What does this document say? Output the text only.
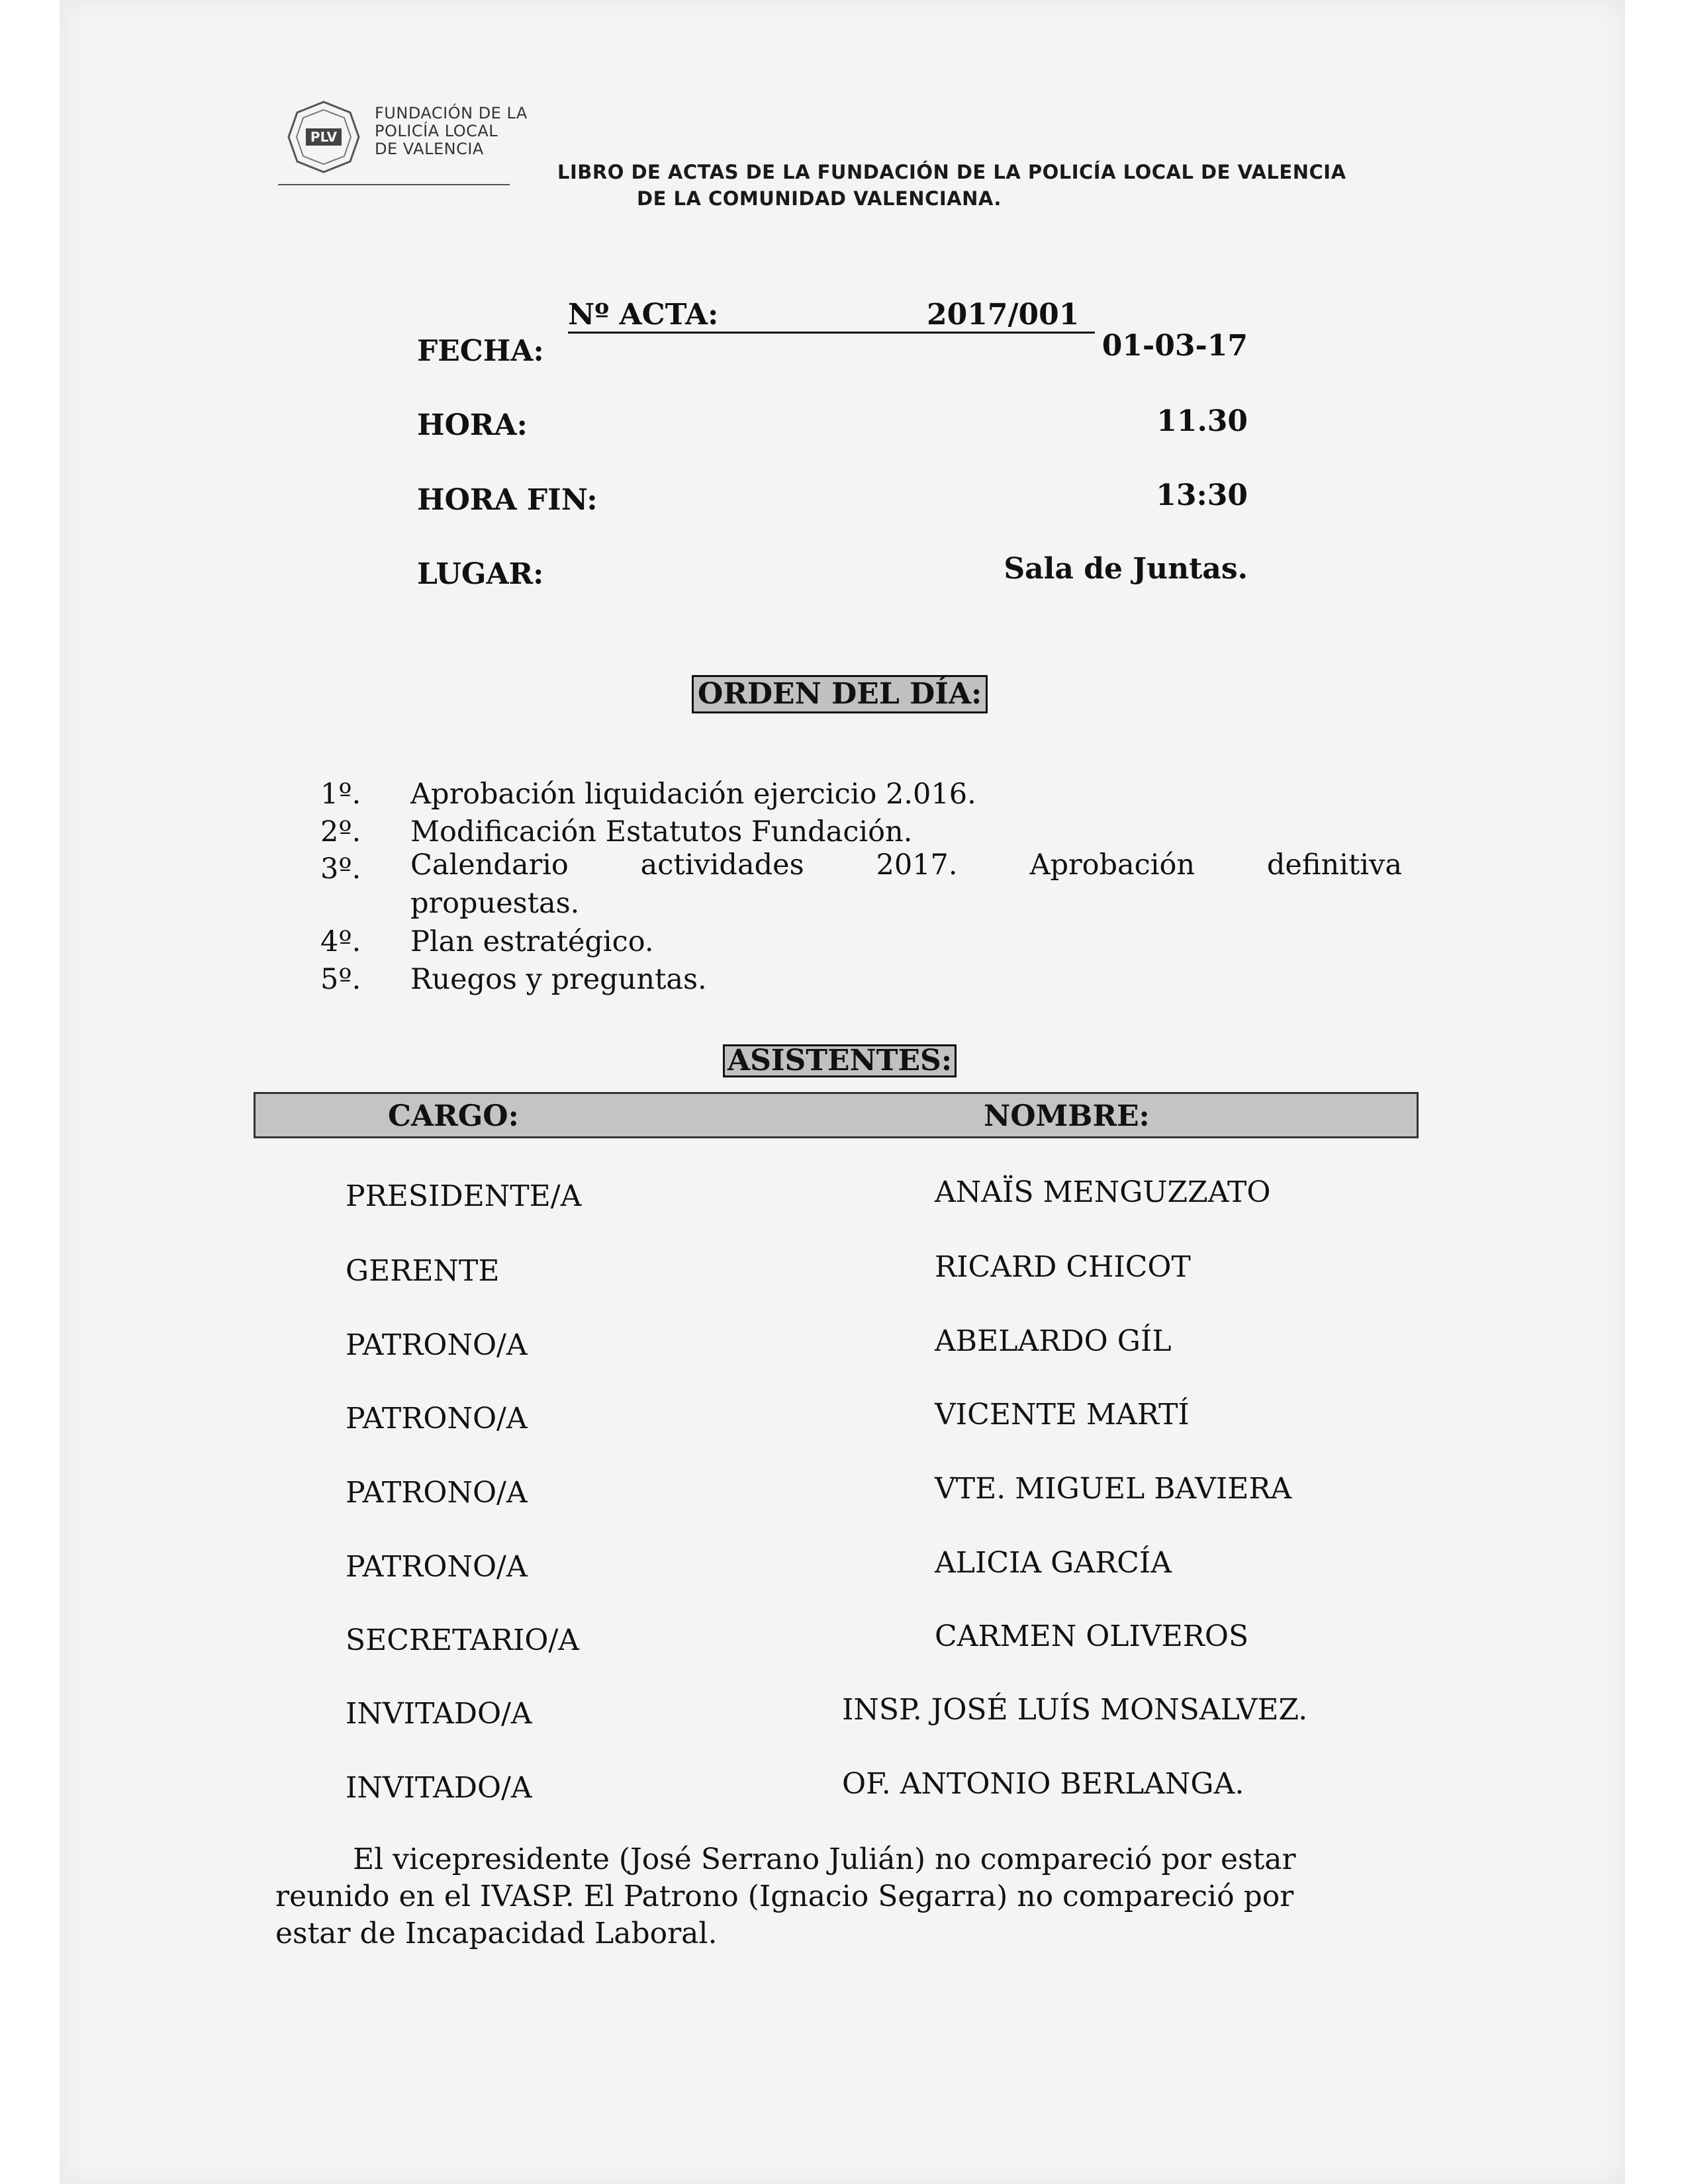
PLV
FUNDACIÓN DE LA
POLICÍA LOCAL
DE VALENCIA
LIBRO DE ACTAS DE LA FUNDACIÓN DE LA POLICÍA LOCAL DE VALENCIA
DE LA COMUNIDAD VALENCIANA.
Nº ACTA:	2017/001
FECHA:	01-03-17
HORA:	11.30
HORA FIN:	13:30
LUGAR:	Sala de Juntas.
ORDEN DEL DÍA:
1º. Aprobación liquidación ejercicio 2.016.
2º. Modificación Estatutos Fundación.
3º. Calendario	actividades	2017.	Aprobación	definitiva
propuestas.
4º. Plan estratégico.
5º. Ruegos y preguntas.
ASISTENTES:
CARGO:	NOMBRE:
PRESIDENTE/A	ANAÏS MENGUZZATO
GERENTE	RICARD CHICOT
PATRONO/A	ABELARDO GÍL
PATRONO/A	VICENTE MARTÍ
PATRONO/A	VTE. MIGUEL BAVIERA
PATRONO/A	ALICIA GARCÍA
SECRETARIO/A	CARMEN OLIVEROS
INVITADO/A	INSP. JOSÉ LUÍS MONSALVEZ.
INVITADO/A	OF. ANTONIO BERLANGA.

El vicepresidente (José Serrano Julián) no compareció por estar reunido en el IVASP. El Patrono (Ignacio Segarra) no compareció por estar de Incapacidad Laboral.
